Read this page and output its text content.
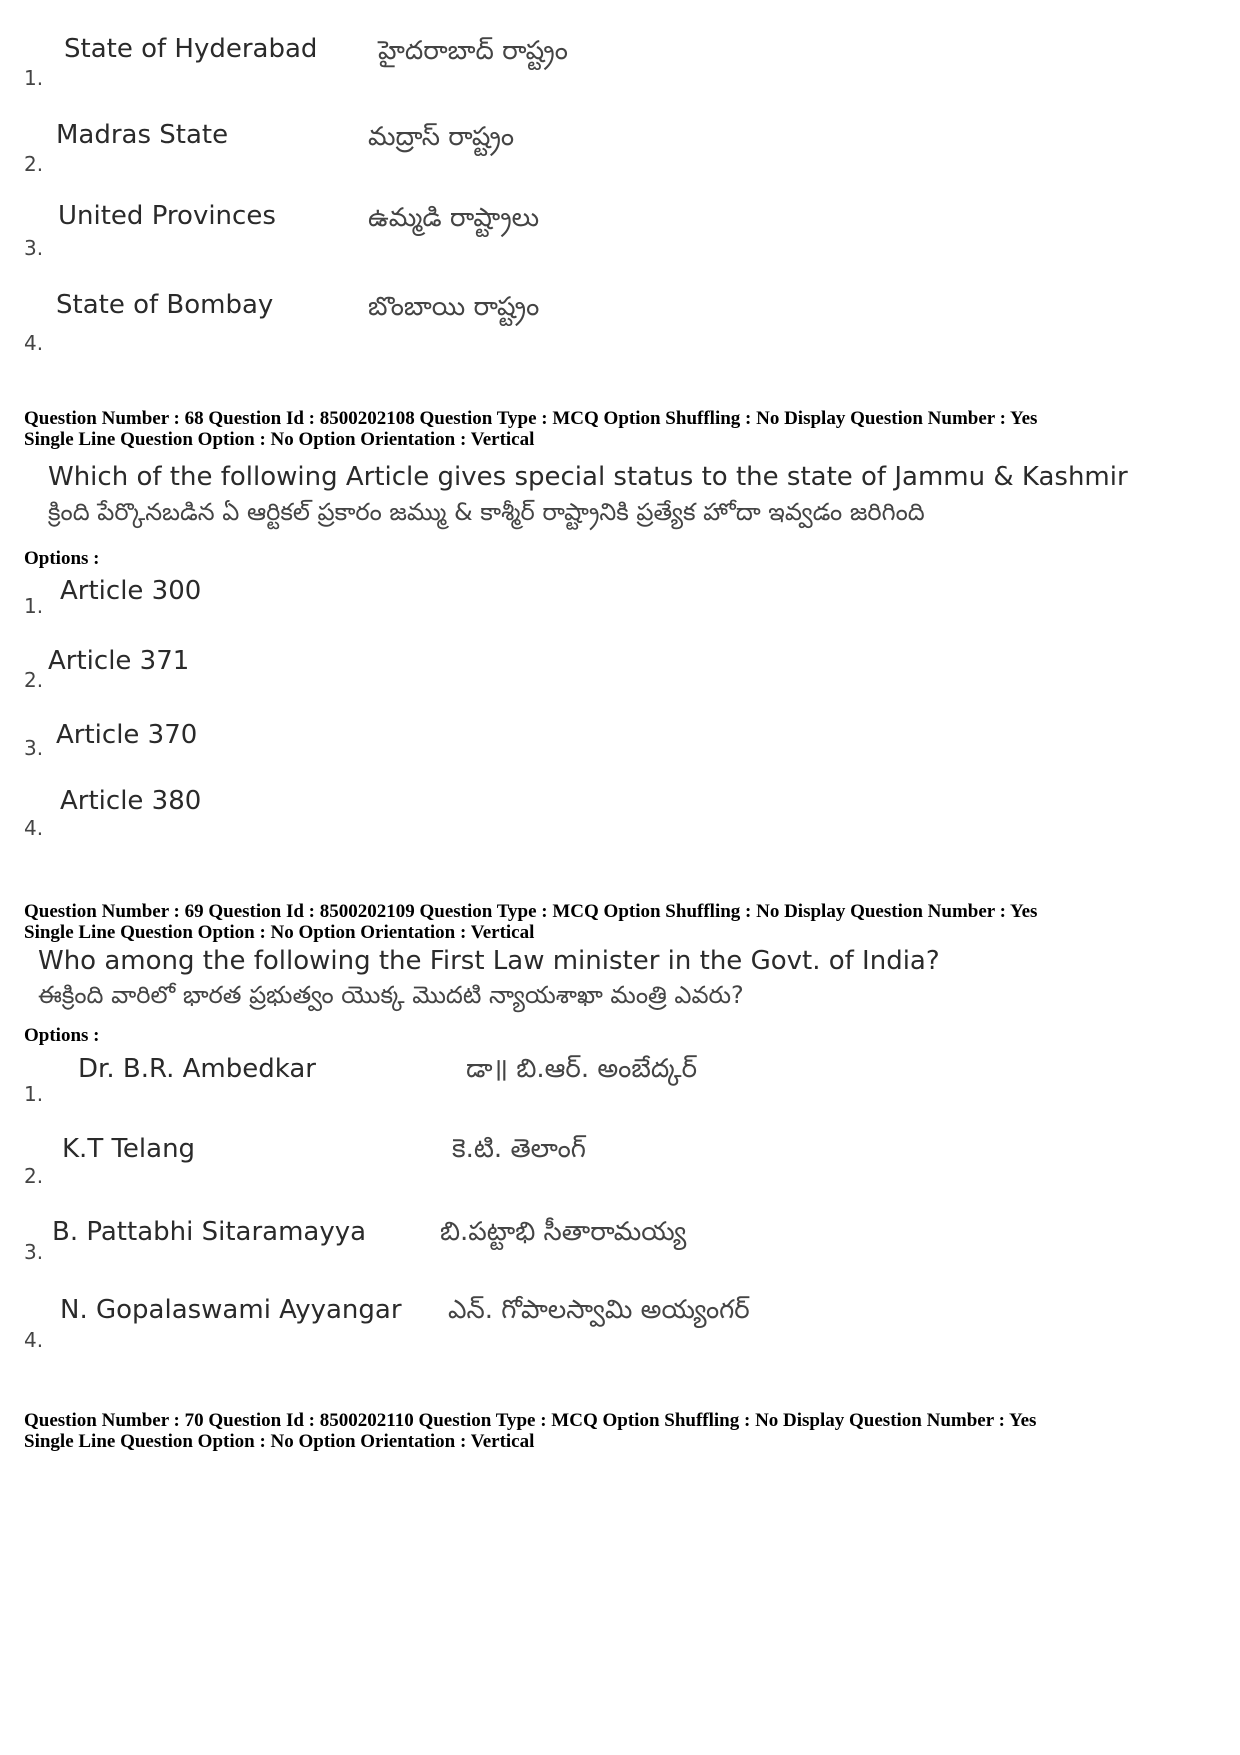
1.
State of Hyderabad హైదరాబాద్ రాష్ట్రం
2.
Madras State	మద్రాస్ రాష్ట్రం
3.
United Provinces	ఉమ్మడి రాష్ట్రాలు
4.
State of Bombay	బొంబాయి రాష్ట్రం
Question Number : 68 Question Id : 8500202108 Question Type : MCQ Option Shuffling : No Display Question Number : Yes
Single Line Question Option : No Option Orientation : Vertical
Which of the following Article gives special status to the state of Jammu & Kashmir
క్రింది పేర్కొనబడిన ఏ ఆర్టికల్ ప్రకారం జమ్ము & కాశ్మీర్ రాష్ట్రానికి ప్రత్యేక హోదా ఇవ్వడం జరిగింది
Options :
1. Article 300
2.
Article 371
3. Article 370
4.
Article 380
Question Number : 69 Question Id : 8500202109 Question Type : MCQ Option Shuffling : No Display Question Number : Yes
Single Line Question Option : No Option Orientation : Vertical
Who among the following the First Law minister in the Govt. of India?
ఈక్రింది వారిలో భారత ప్రభుత్వం యొక్క మొదటి న్యాయశాఖా మంత్రి ఎవరు?
Options :
1.
Dr. B.R. Ambedkar	డా॥ బి.ఆర్. అంబేద్కర్
2.
K.T Telang	కె.టి. తెలాంగ్
3.
B. Pattabhi Sitaramayya	బి.పట్టాభి సీతారామయ్య
4.
N. Gopalaswami Ayyangar ఎన్. గోపాలస్వామి అయ్యంగర్
Question Number : 70 Question Id : 8500202110 Question Type : MCQ Option Shuffling : No Display Question Number : Yes
Single Line Question Option : No Option Orientation : Vertical
